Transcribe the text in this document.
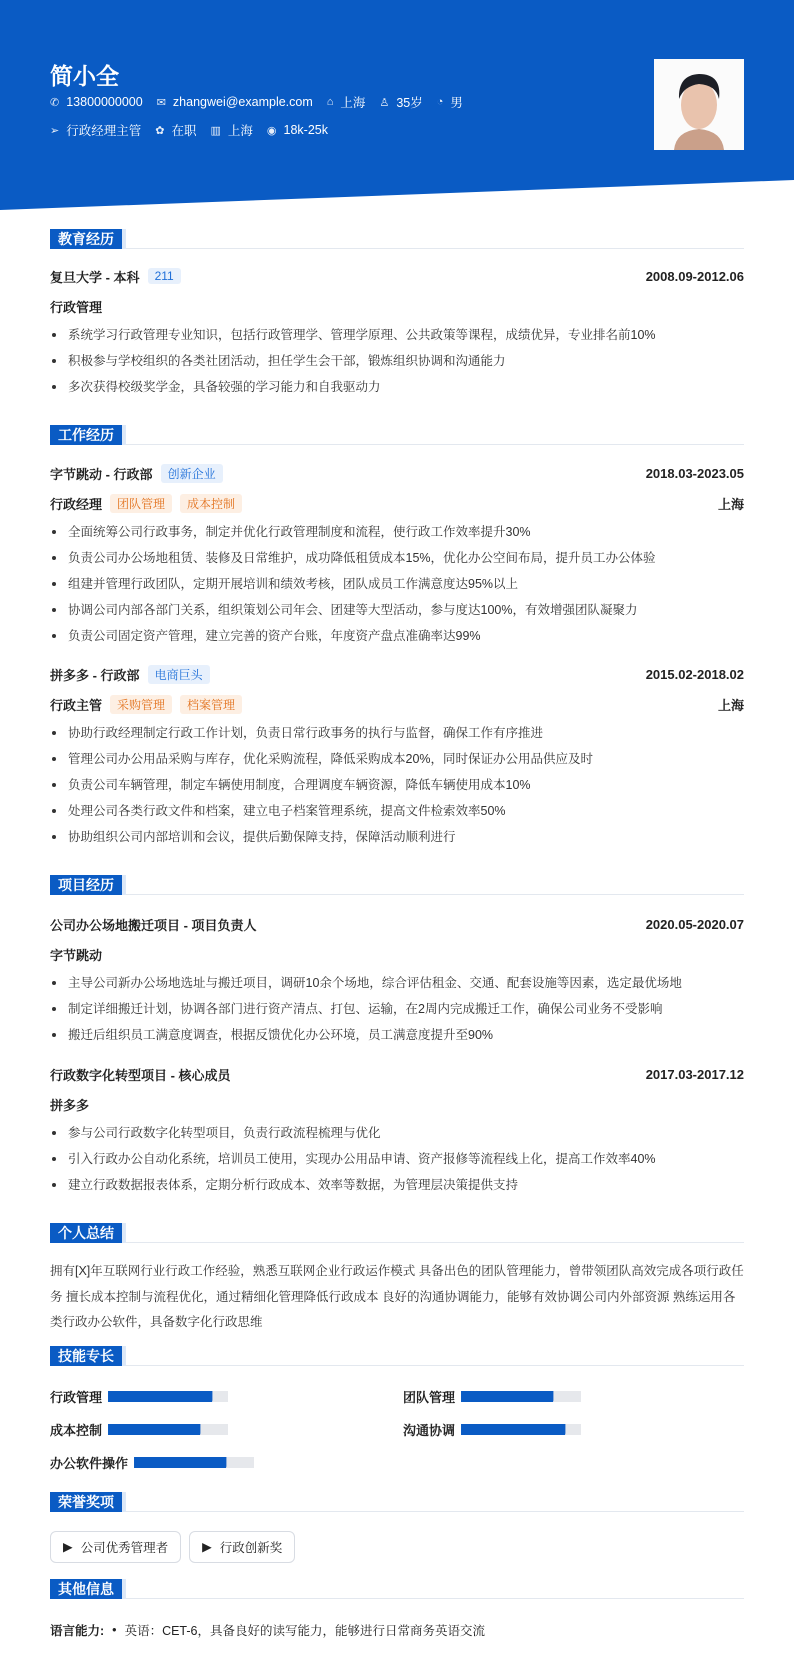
简小全
✆ 13800000000 ✉ zhangwei@example.com ⌂ 上海 ♙ 35岁 ◔ 男
➢ 行政经理主管 ✿ 在职 ▥ 上海 ◉ 18k-25k
教育经历
复旦大学 - 本科	211	2008.09-2012.06
行政管理
系统学习行政管理专业知识，包括行政管理学、管理学原理、公共政策等课程，成绩优异，专业排名前10%
积极参与学校组织的各类社团活动，担任学生会干部，锻炼组织协调和沟通能力
多次获得校级奖学金，具备较强的学习能力和自我驱动力
工作经历
字节跳动 - 行政部	创新企业	2018.03-2023.05
行政经理	团队管理	成本控制	上海
全面统筹公司行政事务，制定并优化行政管理制度和流程，使行政工作效率提升30%
负责公司办公场地租赁、装修及日常维护，成功降低租赁成本15%，优化办公空间布局，提升员工办公体验
组建并管理行政团队，定期开展培训和绩效考核，团队成员工作满意度达95%以上
协调公司内部各部门关系，组织策划公司年会、团建等大型活动，参与度达100%，有效增强团队凝聚力
负责公司固定资产管理，建立完善的资产台账，年度资产盘点准确率达99%
拼多多 - 行政部	电商巨头	2015.02-2018.02
行政主管	采购管理	档案管理	上海
协助行政经理制定行政工作计划，负责日常行政事务的执行与监督，确保工作有序推进
管理公司办公用品采购与库存，优化采购流程，降低采购成本20%，同时保证办公用品供应及时
负责公司车辆管理，制定车辆使用制度，合理调度车辆资源，降低车辆使用成本10%
处理公司各类行政文件和档案，建立电子档案管理系统，提高文件检索效率50%
协助组织公司内部培训和会议，提供后勤保障支持，保障活动顺利进行
项目经历
公司办公场地搬迁项目 - 项目负责人	2020.05-2020.07
字节跳动
主导公司新办公场地选址与搬迁项目，调研10余个场地，综合评估租金、交通、配套设施等因素，选定最优场地
制定详细搬迁计划，协调各部门进行资产清点、打包、运输，在2周内完成搬迁工作，确保公司业务不受影响
搬迁后组织员工满意度调查，根据反馈优化办公环境，员工满意度提升至90%
行政数字化转型项目 - 核心成员	2017.03-2017.12
拼多多
参与公司行政数字化转型项目，负责行政流程梳理与优化
引入行政办公自动化系统，培训员工使用，实现办公用品申请、资产报修等流程线上化，提高工作效率40%
建立行政数据报表体系，定期分析行政成本、效率等数据，为管理层决策提供支持
个人总结

拥有[X]年互联网行业行政工作经验，熟悉互联网企业行政运作模式 具备出色的团队管理能力，曾带领团队高效完成各项行政任务 擅长成本控制与流程优化，通过精细化管理降低行政成本 良好的沟通协调能力，能够有效协调公司内外部资源 熟练运用各类行政办公软件，具备数字化行政思维

技能专长
行政管理	团队管理
成本控制	沟通协调
办公软件操作
荣誉奖项
▶ 公司优秀管理者	▶ 行政创新奖
其他信息
语言能力: • 英语：CET-6，具备良好的读写能力，能够进行日常商务英语交流
